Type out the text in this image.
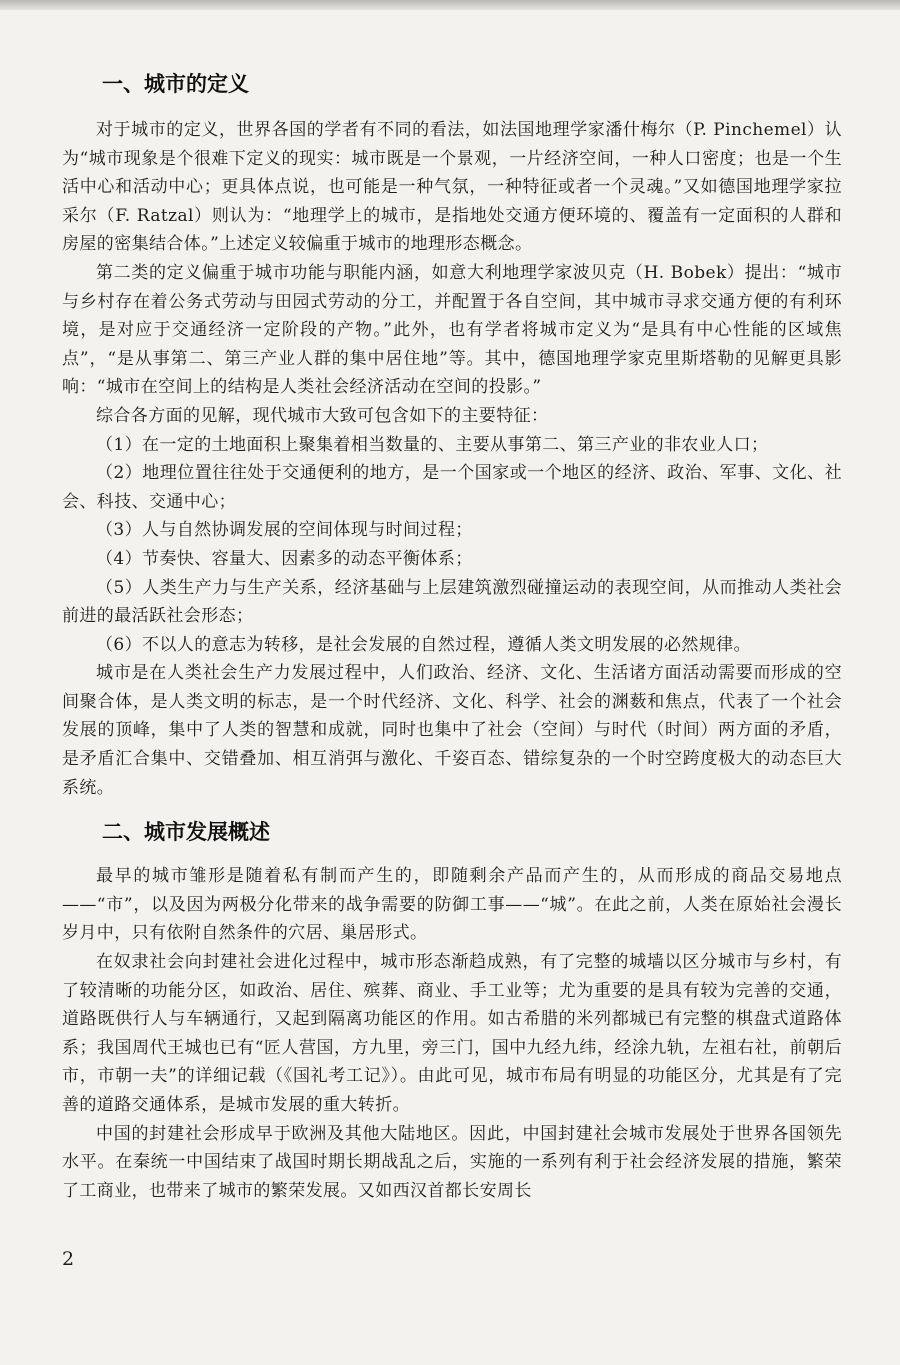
一、城市的定义

对于城市的定义，世界各国的学者有不同的看法，如法国地理学家潘什梅尔（P. Pinchemel）认为“城市现象是个很难下定义的现实：城市既是一个景观，一片经济空间，一种人口密度；也是一个生活中心和活动中心；更具体点说，也可能是一种气氛，一种特征或者一个灵魂。”又如德国地理学家拉采尔（F. Ratzal）则认为：“地理学上的城市，是指地处交通方便环境的、覆盖有一定面积的人群和房屋的密集结合体。”上述定义较偏重于城市的地理形态概念。

第二类的定义偏重于城市功能与职能内涵，如意大利地理学家波贝克（H. Bobek）提出：“城市与乡村存在着公务式劳动与田园式劳动的分工，并配置于各自空间，其中城市寻求交通方便的有利环境，是对应于交通经济一定阶段的产物。”此外，也有学者将城市定义为“是具有中心性能的区域焦点”，“是从事第二、第三产业人群的集中居住地”等。其中，德国地理学家克里斯塔勒的见解更具影响：“城市在空间上的结构是人类社会经济活动在空间的投影。”

综合各方面的见解，现代城市大致可包含如下的主要特征：

（1）在一定的土地面积上聚集着相当数量的、主要从事第二、第三产业的非农业人口；

（2）地理位置往往处于交通便利的地方，是一个国家或一个地区的经济、政治、军事、文化、社会、科技、交通中心；

（3）人与自然协调发展的空间体现与时间过程；

（4）节奏快、容量大、因素多的动态平衡体系；

（5）人类生产力与生产关系，经济基础与上层建筑激烈碰撞运动的表现空间，从而推动人类社会前进的最活跃社会形态；

（6）不以人的意志为转移，是社会发展的自然过程，遵循人类文明发展的必然规律。

城市是在人类社会生产力发展过程中，人们政治、经济、文化、生活诸方面活动需要而形成的空间聚合体，是人类文明的标志，是一个时代经济、文化、科学、社会的渊薮和焦点，代表了一个社会发展的顶峰，集中了人类的智慧和成就，同时也集中了社会（空间）与时代（时间）两方面的矛盾，是矛盾汇合集中、交错叠加、相互消弭与激化、千姿百态、错综复杂的一个时空跨度极大的动态巨大系统。

二、城市发展概述

最早的城市雏形是随着私有制而产生的，即随剩余产品而产生的，从而形成的商品交易地点——“市”，以及因为两极分化带来的战争需要的防御工事——“城”。在此之前，人类在原始社会漫长岁月中，只有依附自然条件的穴居、巢居形式。

在奴隶社会向封建社会进化过程中，城市形态渐趋成熟，有了完整的城墙以区分城市与乡村，有了较清晰的功能分区，如政治、居住、殡葬、商业、手工业等；尤为重要的是具有较为完善的交通，道路既供行人与车辆通行，又起到隔离功能区的作用。如古希腊的米列都城已有完整的棋盘式道路体系；我国周代王城也已有“匠人营国，方九里，旁三门，国中九经九纬，经涂九轨，左祖右社，前朝后市，市朝一夫”的详细记载（《国礼考工记》）。由此可见，城市布局有明显的功能区分，尤其是有了完善的道路交通体系，是城市发展的重大转折。

中国的封建社会形成早于欧洲及其他大陆地区。因此，中国封建社会城市发展处于世界各国领先水平。在秦统一中国结束了战国时期长期战乱之后，实施的一系列有利于社会经济发展的措施，繁荣了工商业，也带来了城市的繁荣发展。又如西汉首都长安周长

2
